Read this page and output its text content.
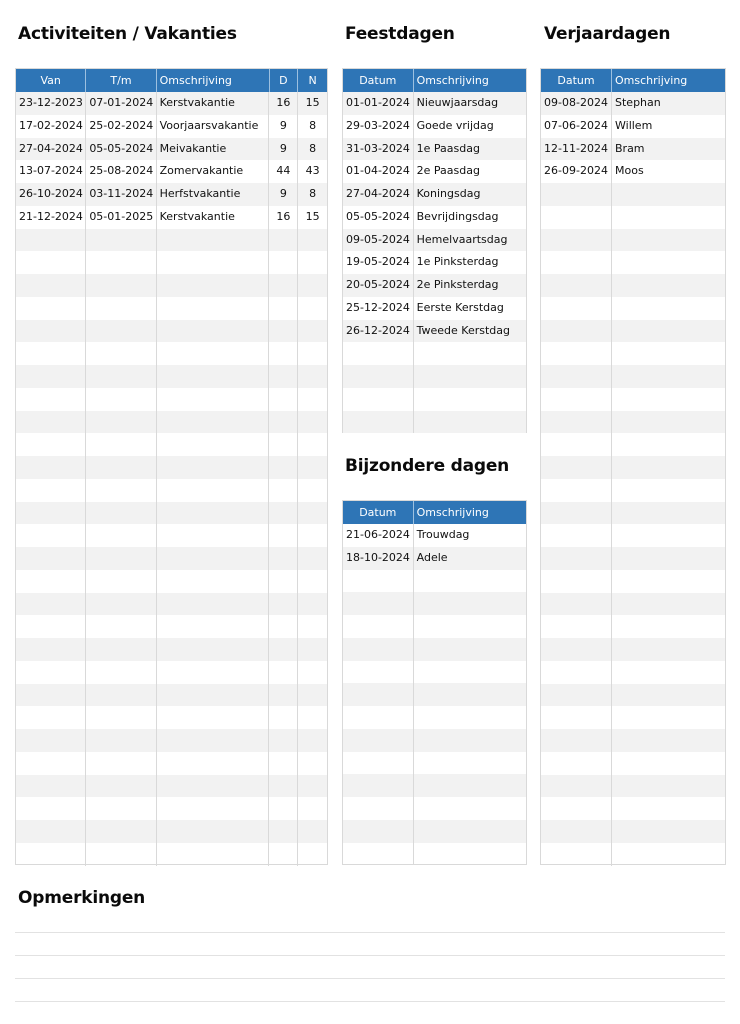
Activiteiten / Vakanties	Feestdagen	Verjaardagen
Bijzondere dagen
Opmerkingen
Van	T/m	Omschrijving	D	N
23-12-2023 07-01-2024 Kerstvakantie	16	15
17-02-2024 25-02-2024 Voorjaarsvakantie	9	8
27-04-2024 05-05-2024 Meivakantie	9	8
13-07-2024 25-08-2024 Zomervakantie	44	43
26-10-2024 03-11-2024 Herfstvakantie	9	8
21-12-2024 05-01-2025 Kerstvakantie	16	15
Datum	Omschrijving
01-01-2024 Nieuwjaarsdag
29-03-2024 Goede vrijdag
31-03-2024 1e Paasdag
01-04-2024 2e Paasdag
27-04-2024 Koningsdag
05-05-2024 Bevrijdingsdag
09-05-2024 Hemelvaartsdag
19-05-2024 1e Pinksterdag
20-05-2024 2e Pinksterdag
25-12-2024 Eerste Kerstdag
26-12-2024 Tweede Kerstdag
Datum	Omschrijving
21-06-2024 Trouwdag
18-10-2024 Adele
Datum	Omschrijving
09-08-2024 Stephan
07-06-2024 Willem
12-11-2024 Bram
26-09-2024 Moos
